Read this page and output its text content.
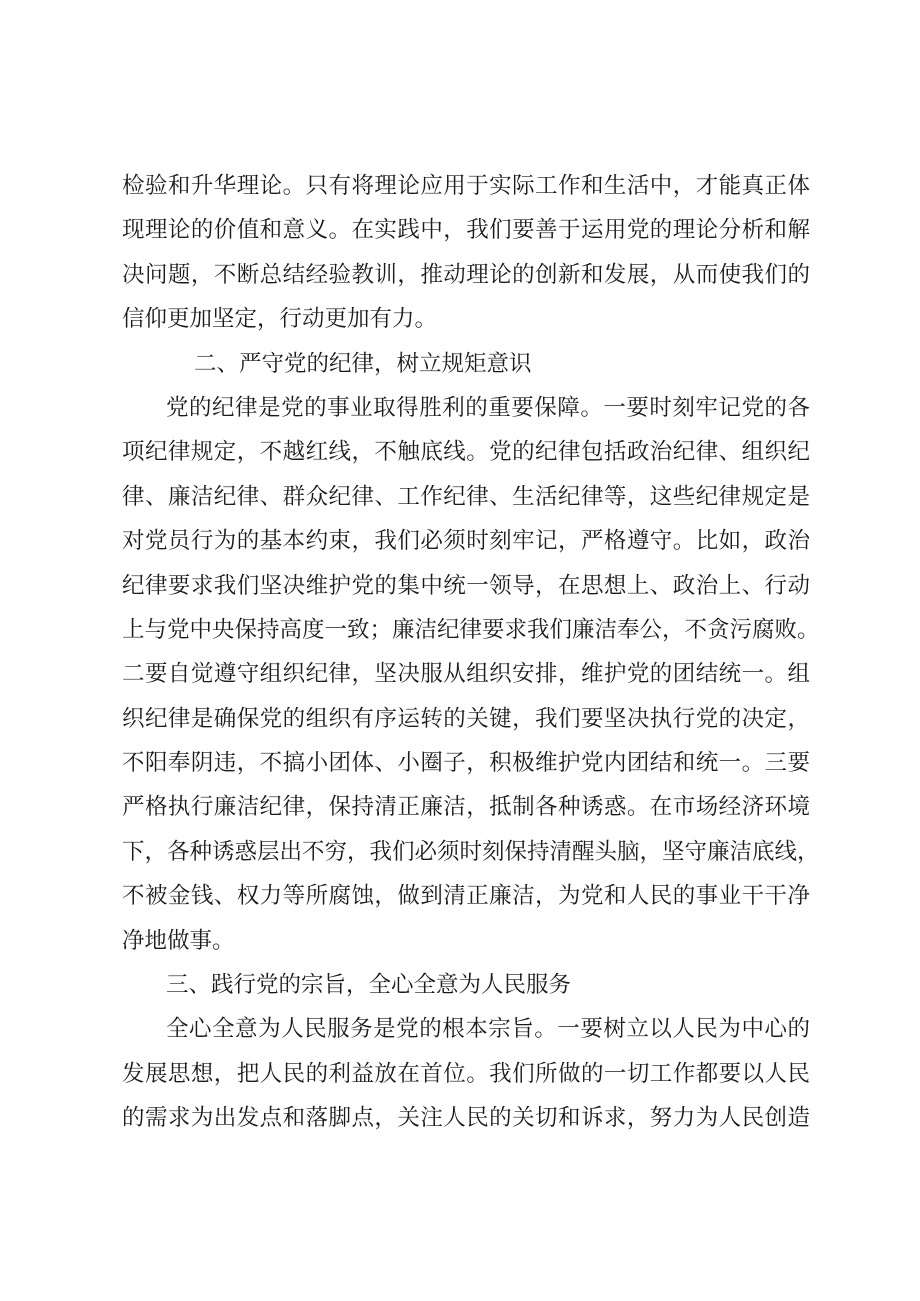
检验和升华理论。只有将理论应用于实际工作和生活中，才能真正体
现理论的价值和意义。在实践中，我们要善于运用党的理论分析和解
决问题，不断总结经验教训，推动理论的创新和发展，从而使我们的
信仰更加坚定，行动更加有力。
二、严守党的纪律，树立规矩意识
党的纪律是党的事业取得胜利的重要保障。一要时刻牢记党的各
项纪律规定，不越红线，不触底线。党的纪律包括政治纪律、组织纪
律、廉洁纪律、群众纪律、工作纪律、生活纪律等，这些纪律规定是
对党员行为的基本约束，我们必须时刻牢记，严格遵守。比如，政治
纪律要求我们坚决维护党的集中统一领导，在思想上、政治上、行动
上与党中央保持高度一致；廉洁纪律要求我们廉洁奉公，不贪污腐败。
二要自觉遵守组织纪律，坚决服从组织安排，维护党的团结统一。组
织纪律是确保党的组织有序运转的关键，我们要坚决执行党的决定，
不阳奉阴违，不搞小团体、小圈子，积极维护党内团结和统一。三要
严格执行廉洁纪律，保持清正廉洁，抵制各种诱惑。在市场经济环境
下，各种诱惑层出不穷，我们必须时刻保持清醒头脑，坚守廉洁底线，
不被金钱、权力等所腐蚀，做到清正廉洁，为党和人民的事业干干净
净地做事。
三、践行党的宗旨，全心全意为人民服务
全心全意为人民服务是党的根本宗旨。一要树立以人民为中心的
发展思想，把人民的利益放在首位。我们所做的一切工作都要以人民
的需求为出发点和落脚点，关注人民的关切和诉求，努力为人民创造
